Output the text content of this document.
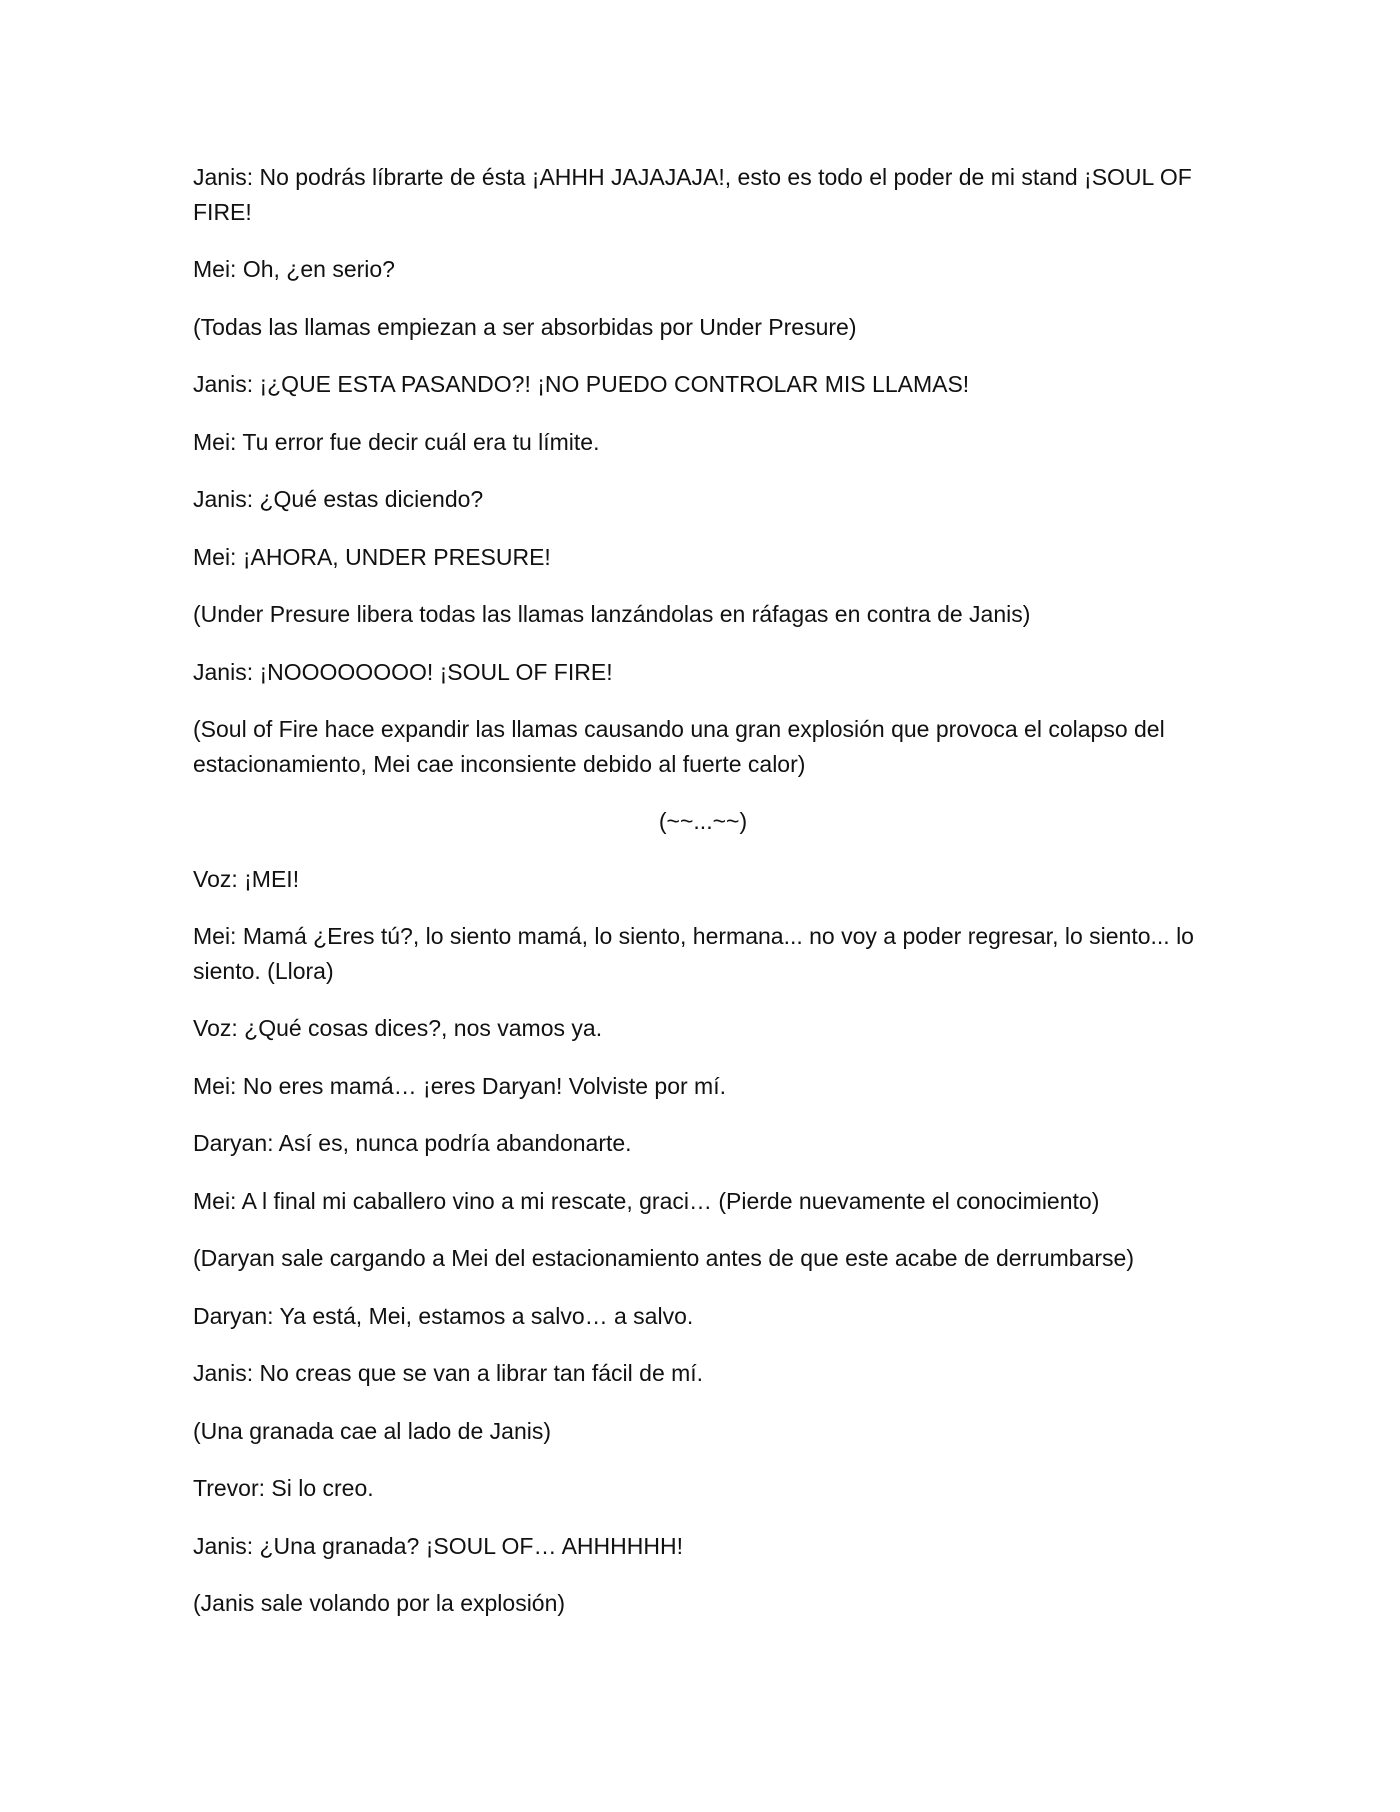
Janis: No podrás líbrarte de ésta ¡AHHH JAJAJAJA!, esto es todo el poder de mi stand ¡SOUL OF FIRE!

Mei: Oh, ¿en serio?

(Todas las llamas empiezan a ser absorbidas por Under Presure)

Janis: ¡¿QUE ESTA PASANDO?! ¡NO PUEDO CONTROLAR MIS LLAMAS!

Mei: Tu error fue decir cuál era tu límite.

Janis: ¿Qué estas diciendo?

Mei: ¡AHORA, UNDER PRESURE!

(Under Presure libera todas las llamas lanzándolas en ráfagas en contra de Janis)

Janis: ¡NOOOOOOOO! ¡SOUL OF FIRE!

(Soul of Fire hace expandir las llamas causando una gran explosión que provoca el colapso del estacionamiento, Mei cae inconsiente debido al fuerte calor)

(~~...~~)

Voz: ¡MEI!

Mei: Mamá ¿Eres tú?, lo siento mamá, lo siento, hermana... no voy a poder regresar, lo siento... lo siento. (Llora)

Voz: ¿Qué cosas dices?, nos vamos ya.

Mei: No eres mamá… ¡eres Daryan! Volviste por mí.

Daryan: Así es, nunca podría abandonarte.

Mei: A l final mi caballero vino a mi rescate, graci… (Pierde nuevamente el conocimiento)

(Daryan sale cargando a Mei del estacionamiento antes de que este acabe de derrumbarse)

Daryan: Ya está, Mei, estamos a salvo… a salvo.

Janis: No creas que se van a librar tan fácil de mí.

(Una granada cae al lado de Janis)

Trevor: Si lo creo.

Janis: ¿Una granada? ¡SOUL OF… AHHHHHH!

(Janis sale volando por la explosión)
